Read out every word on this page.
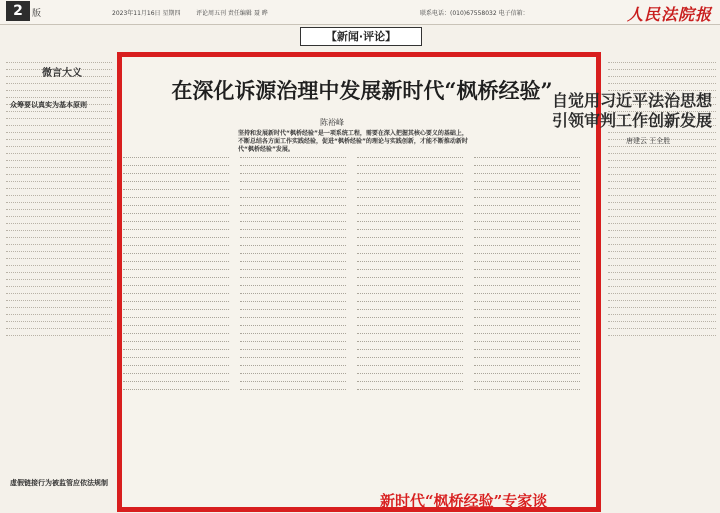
2	版	2023年11月16日 星期四	评论周五刊 责任编辑 聂 晔	联系电话：(010)67558032 电子信箱：	人民法院报
【新闻·评论】
微言大义
众筹要以真实为基本原则
虚假链接行为被监管应依法规制
在深化诉源治理中发展新时代“枫桥经验”
陈裕峰
坚持和发展新时代“枫桥经验”是一项系统工程，需要在深入把握其核心要义的基础上，不断总结各方面工作实践经验，促进“枫桥经验”的理论与实践创新，才能不断推动新时代“枫桥经验”发展。
新时代“枫桥经验”专家谈
自觉用习近平法治思想
引领审判工作创新发展
唐建云 王全胜
